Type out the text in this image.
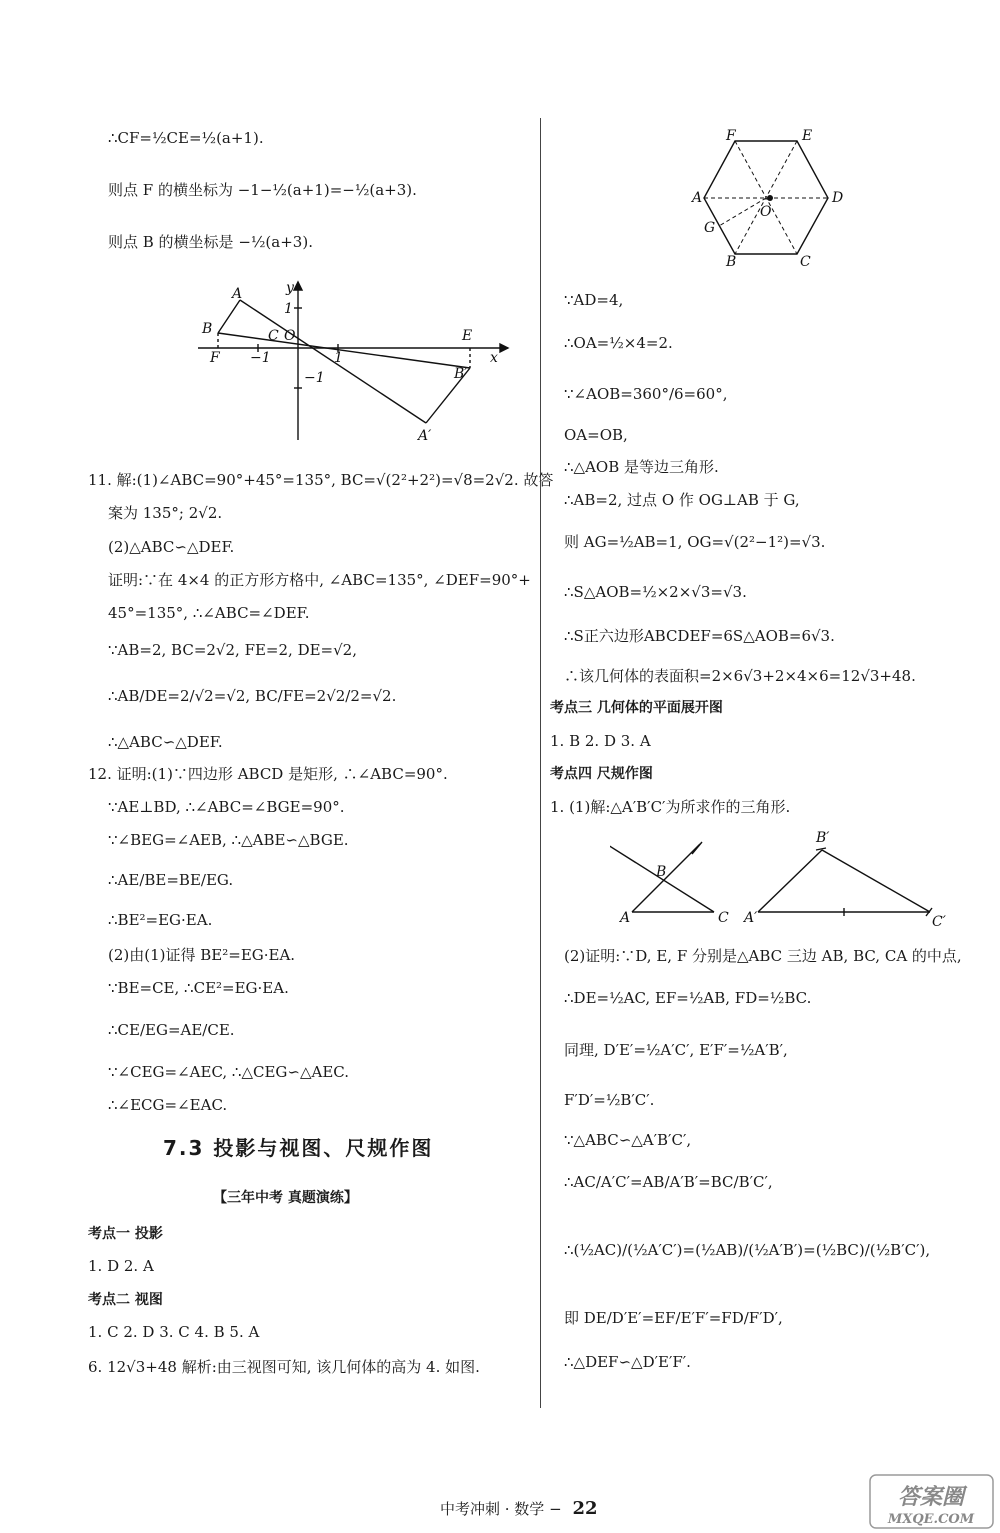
∴CF=½CE=½(a+1).
则点 F 的横坐标为 −1−½(a+1)=−½(a+3).
则点 B 的横坐标是 −½(a+3).
A
B	C O	E
F	x
y
B′
A′
1
−1	1
−1
11. 解:(1)∠ABC=90°+45°=135°, BC=√(2²+2²)=√8=2√2. 故答
案为 135°; 2√2.
(2)△ABC∽△DEF.
证明:∵在 4×4 的正方形方格中, ∠ABC=135°, ∠DEF=90°+
45°=135°, ∴∠ABC=∠DEF.
∵AB=2, BC=2√2, FE=2, DE=√2,
∴AB/DE=2/√2=√2, BC/FE=2√2/2=√2.
∴△ABC∽△DEF.
12. 证明:(1)∵四边形 ABCD 是矩形, ∴∠ABC=90°.
∵AE⊥BD, ∴∠ABC=∠BGE=90°.
∵∠BEG=∠AEB, ∴△ABE∽△BGE.
∴AE/BE=BE/EG.
∴BE²=EG·EA.
(2)由(1)证得 BE²=EG·EA.
∵BE=CE, ∴CE²=EG·EA.
∴CE/EG=AE/CE.
∵∠CEG=∠AEC, ∴△CEG∽△AEC.
∴∠ECG=∠EAC.
7.3 投影与视图、尺规作图
【三年中考 真题演练】
考点一 投影
1. D 2. A
考点二 视图
1. C 2. D 3. C 4. B 5. A
6. 12√3+48 解析:由三视图可知, 该几何体的高为 4. 如图.
F	E
A	D
O
G
B	C
∵AD=4,
∴OA=½×4=2.
∵∠AOB=360°/6=60°,
OA=OB,
∴△AOB 是等边三角形.
∴AB=2, 过点 O 作 OG⊥AB 于 G,
则 AG=½AB=1, OG=√(2²−1²)=√3.
∴S△AOB=½×2×√3=√3.
∴S正六边形ABCDEF=6S△AOB=6√3.
∴该几何体的表面积=2×6√3+2×4×6=12√3+48.
考点三 几何体的平面展开图
1. B 2. D 3. A
考点四 尺规作图
1. (1)解:△A′B′C′为所求作的三角形.
A
B
C A′
B′
C′
(2)证明:∵D, E, F 分别是△ABC 三边 AB, BC, CA 的中点,
∴DE=½AC, EF=½AB, FD=½BC.
同理, D′E′=½A′C′, E′F′=½A′B′,
F′D′=½B′C′.
∵△ABC∽△A′B′C′,
∴AC/A′C′=AB/A′B′=BC/B′C′,
∴(½AC)/(½A′C′)=(½AB)/(½A′B′)=(½BC)/(½B′C′),
即 DE/D′E′=EF/E′F′=FD/F′D′,
∴△DEF∽△D′E′F′.
中考冲刺 · 数学 − 22	答案圈
MXQE.COM
